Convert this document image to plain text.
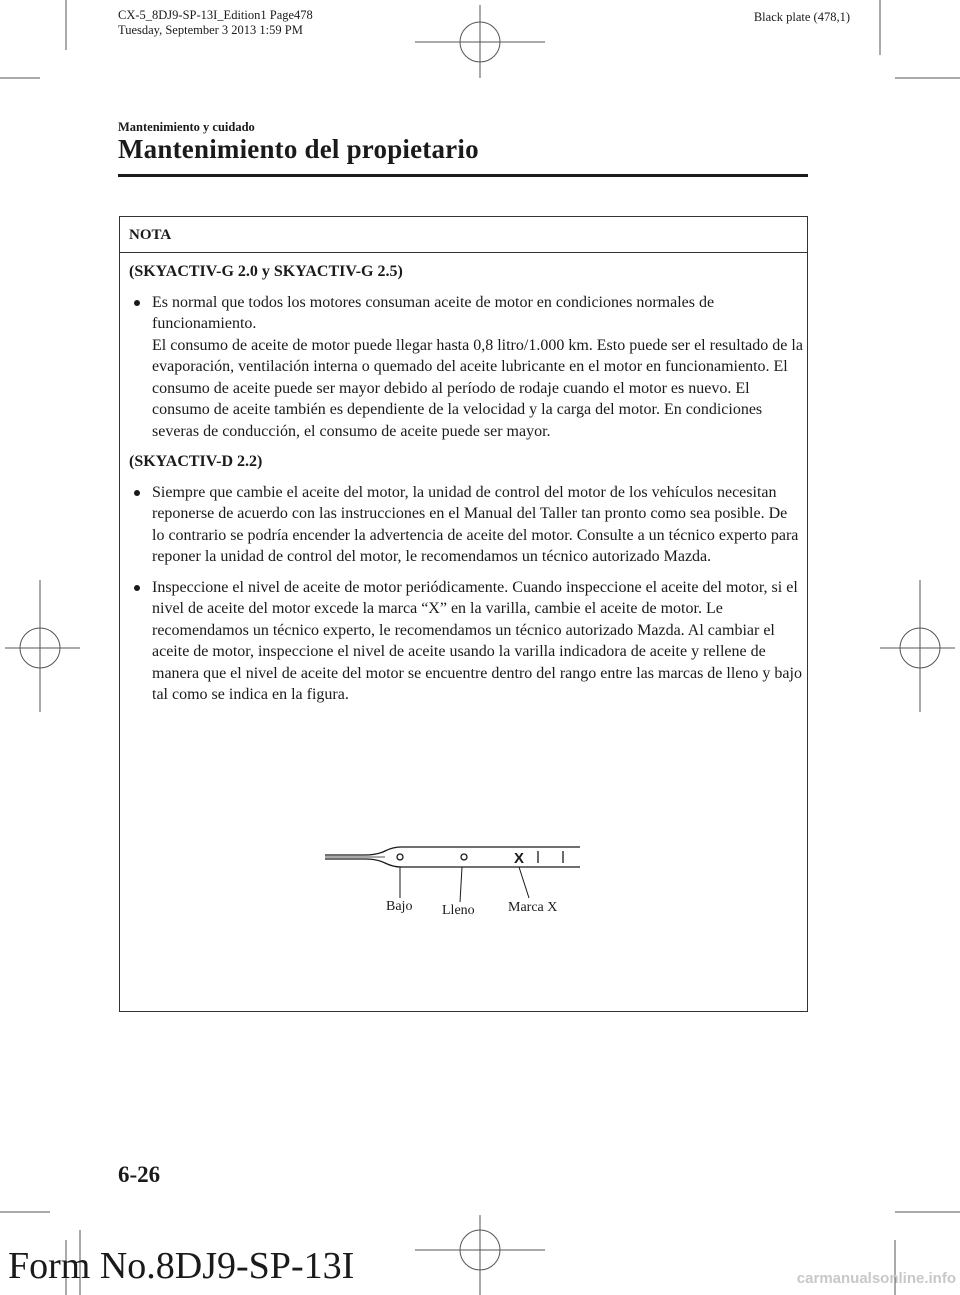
CX-5_8DJ9-SP-13I_Edition1 Page478
Tuesday, September 3 2013 1:59 PM
Black plate (478,1)
Mantenimiento y cuidado
Mantenimiento del propietario
NOTA
(SKYACTIV-G 2.0 y SKYACTIV-G 2.5)

Es normal que todos los motores consuman aceite de motor en condiciones normales de funcionamiento.

El consumo de aceite de motor puede llegar hasta 0,8 litro/1.000 km. Esto puede ser el resultado de la evaporación, ventilación interna o quemado del aceite lubricante en el motor en funcionamiento. El consumo de aceite puede ser mayor debido al período de rodaje cuando el motor es nuevo. El consumo de aceite también es dependiente de la velocidad y la carga del motor. En condiciones severas de conducción, el consumo de aceite puede ser mayor.

(SKYACTIV-D 2.2)

Siempre que cambie el aceite del motor, la unidad de control del motor de los vehículos necesitan reponerse de acuerdo con las instrucciones en el Manual del Taller tan pronto como sea posible. De lo contrario se podría encender la advertencia de aceite del motor. Consulte a un técnico experto para reponer la unidad de control del motor, le recomendamos un técnico autorizado Mazda.

Inspeccione el nivel de aceite de motor periódicamente. Cuando inspeccione el aceite del motor, si el nivel de aceite del motor excede la marca “X” en la varilla, cambie el aceite de motor. Le recomendamos un técnico experto, le recomendamos un técnico autorizado Mazda. Al cambiar el aceite de motor, inspeccione el nivel de aceite usando la varilla indicadora de aceite y rellene de manera que el nivel de aceite del motor se encuentre dentro del rango entre las marcas de lleno y bajo tal como se indica en la figura.

X
Bajo Lleno Marca X
6-26
Form No.8DJ9-SP-13I	carmanualsonline.info
